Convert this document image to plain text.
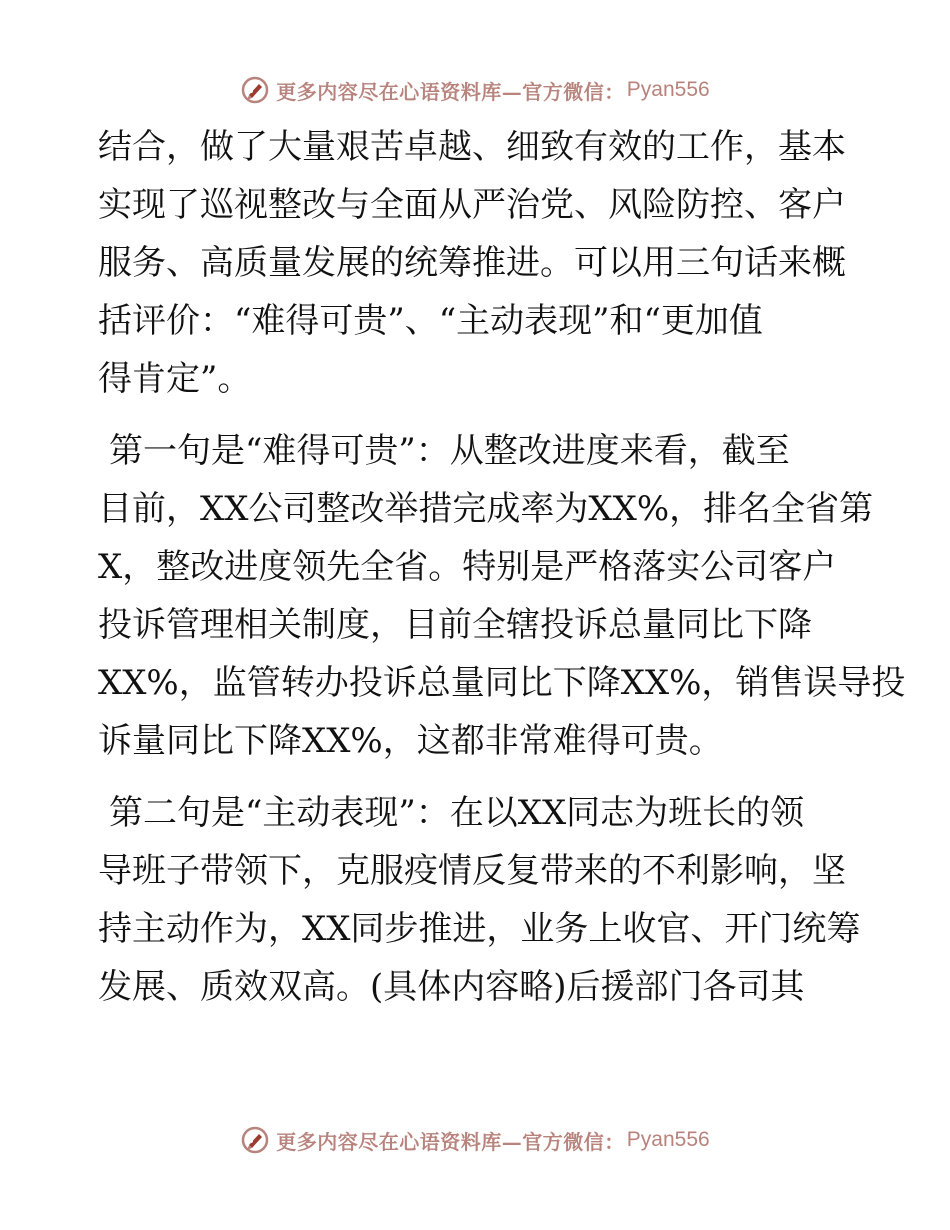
更多内容尽在心语资料库—官方微信： Pyan556
结合，做了大量艰苦卓越、细致有效的工作，基本
实现了巡视整改与全面从严治党、风险防控、客户
服务、高质量发展的统筹推进。可以用三句话来概
括评价：“难得可贵”、“主动表现”和“更加值
得肯定”。
第一句是“难得可贵”：从整改进度来看，截至
目前，XX公司整改举措完成率为XX%，排名全省第
X，整改进度领先全省。特别是严格落实公司客户
投诉管理相关制度，目前全辖投诉总量同比下降
XX%，监管转办投诉总量同比下降XX%，销售误导投
诉量同比下降XX%，这都非常难得可贵。
第二句是“主动表现”：在以XX同志为班长的领
导班子带领下，克服疫情反复带来的不利影响，坚
持主动作为，XX同步推进，业务上收官、开门统筹
发展、质效双高。(具体内容略)后援部门各司其
更多内容尽在心语资料库—官方微信： Pyan556
